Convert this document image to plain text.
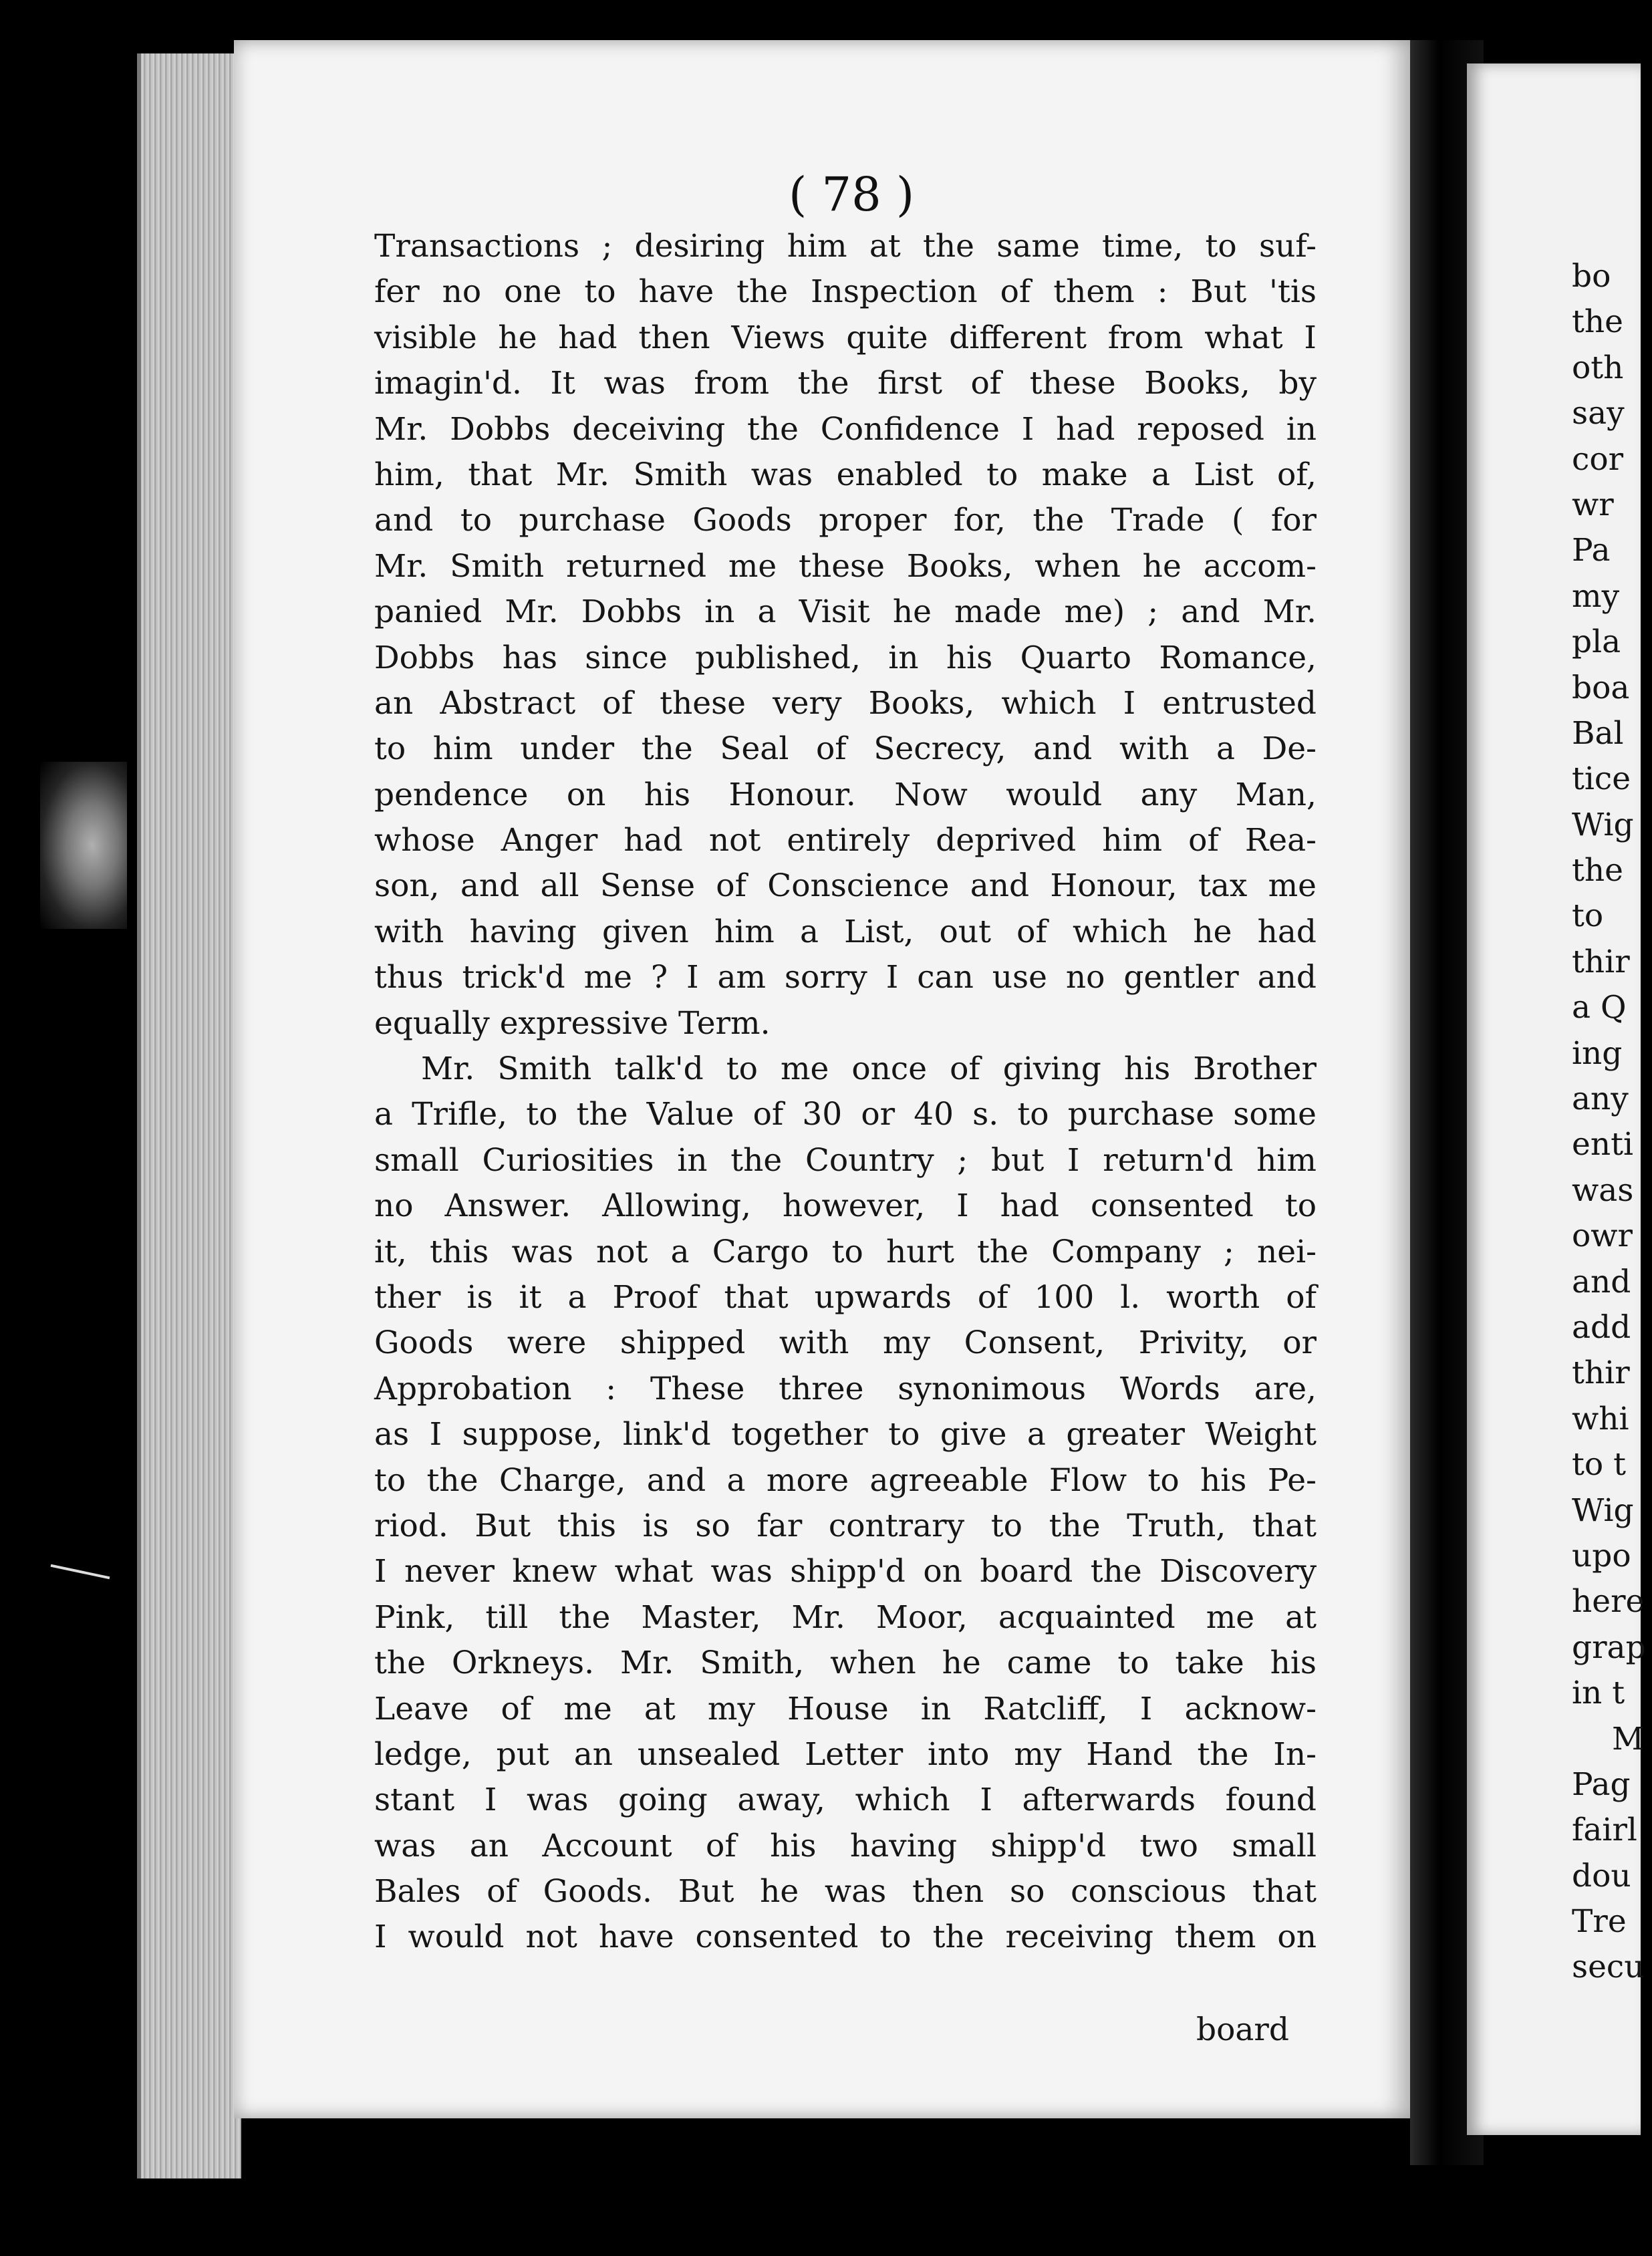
( 78 )
Transactions ; desiring him at the same time, to suf-
fer no one to have the Inspection of them : But 'tis
visible he had then Views quite different from what I
imagin'd. It was from the first of these Books, by
Mr. Dobbs deceiving the Confidence I had reposed in
him, that Mr. Smith was enabled to make a List of,
and to purchase Goods proper for, the Trade ( for
Mr. Smith returned me these Books, when he accom-
panied Mr. Dobbs in a Visit he made me) ; and Mr.
Dobbs has since published, in his Quarto Romance,
an Abstract of these very Books, which I entrusted
to him under the Seal of Secrecy, and with a De-
pendence on his Honour. Now would any Man,
whose Anger had not entirely deprived him of Rea-
son, and all Sense of Conscience and Honour, tax me
with having given him a List, out of which he had
thus trick'd me ? I am sorry I can use no gentler and
equally expressive Term.
Mr. Smith talk'd to me once of giving his Brother
a Trifle, to the Value of 30 or 40 s. to purchase some
small Curiosities in the Country ; but I return'd him
no Answer. Allowing, however, I had consented to
it, this was not a Cargo to hurt the Company ; nei-
ther is it a Proof that upwards of 100 l. worth of
Goods were shipped with my Consent, Privity, or
Approbation : These three synonimous Words are,
as I suppose, link'd together to give a greater Weight
to the Charge, and a more agreeable Flow to his Pe-
riod. But this is so far contrary to the Truth, that
I never knew what was shipp'd on board the Discovery
Pink, till the Master, Mr. Moor, acquainted me at
the Orkneys. Mr. Smith, when he came to take his
Leave of me at my House in Ratcliff, I acknow-
ledge, put an unsealed Letter into my Hand the In-
stant I was going away, which I afterwards found
was an Account of his having shipp'd two small
Bales of Goods. But he was then so conscious that
I would not have consented to the receiving them on
board
bo
the
oth
say
cor
wr
Pa
my
pla
boa
Bal
tice
Wig
the
to
thir
a Q
ing
any
enti
was
owr
and
add
thir
whi
to t
Wig
upo
here
grap
in t
M
Pag
fairl
dou
Tre
secu
